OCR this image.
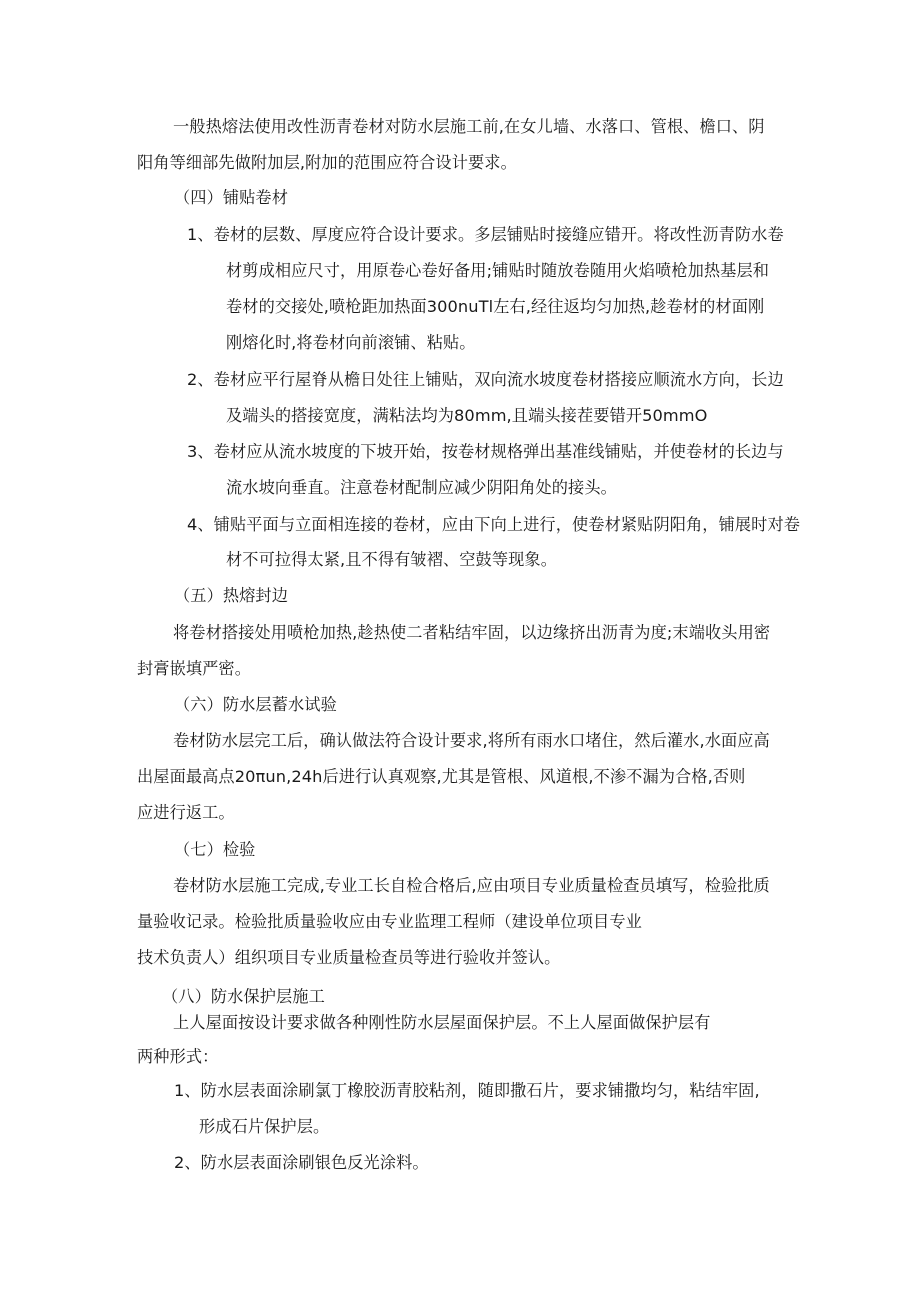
一般热熔法使用改性沥青卷材对防水层施工前,在女儿墙、水落口、管根、檐口、阴
阳角等细部先做附加层,附加的范围应符合设计要求。
（四）铺贴卷材
1、卷材的层数、厚度应符合设计要求。多层铺贴时接缝应错开。将改性沥青防水卷
材剪成相应尺寸，用原卷心卷好备用;铺贴时随放卷随用火焰喷枪加热基层和
卷材的交接处,喷枪距加热面300nuTl左右,经往返均匀加热,趁卷材的材面刚
刚熔化时,将卷材向前滚铺、粘贴。
2、卷材应平行屋脊从檐日处往上铺贴，双向流水坡度卷材搭接应顺流水方向，长边
及端头的搭接宽度，满粘法均为80mm,且端头接茬要错开50mmO
3、卷材应从流水坡度的下坡开始，按卷材规格弹出基准线铺贴，并使卷材的长边与
流水坡向垂直。注意卷材配制应减少阴阳角处的接头。
4、铺贴平面与立面相连接的卷材，应由下向上进行，使卷材紧贴阴阳角，铺展时对卷
材不可拉得太紧,且不得有皱褶、空鼓等现象。
（五）热熔封边
将卷材搭接处用喷枪加热,趁热使二者粘结牢固，以边缘挤出沥青为度;末端收头用密
封膏嵌填严密。
（六）防水层蓄水试验
卷材防水层完工后，确认做法符合设计要求,将所有雨水口堵住，然后灌水,水面应高
出屋面最高点20πun,24h后进行认真观察,尤其是管根、风道根,不渗不漏为合格,否则
应进行返工。
（七）检验
卷材防水层施工完成,专业工长自检合格后,应由项目专业质量检查员填写，检验批质
量验收记录。检验批质量验收应由专业监理工程师（建设单位项目专业
技术负责人）组织项目专业质量检查员等进行验收并签认。
（八）防水保护层施工
上人屋面按设计要求做各种刚性防水层屋面保护层。不上人屋面做保护层有
两种形式：
1、防水层表面涂刷氯丁橡胶沥青胶粘剂，随即撒石片，要求铺撒均匀，粘结牢固,
形成石片保护层。
2、防水层表面涂刷银色反光涂料。
